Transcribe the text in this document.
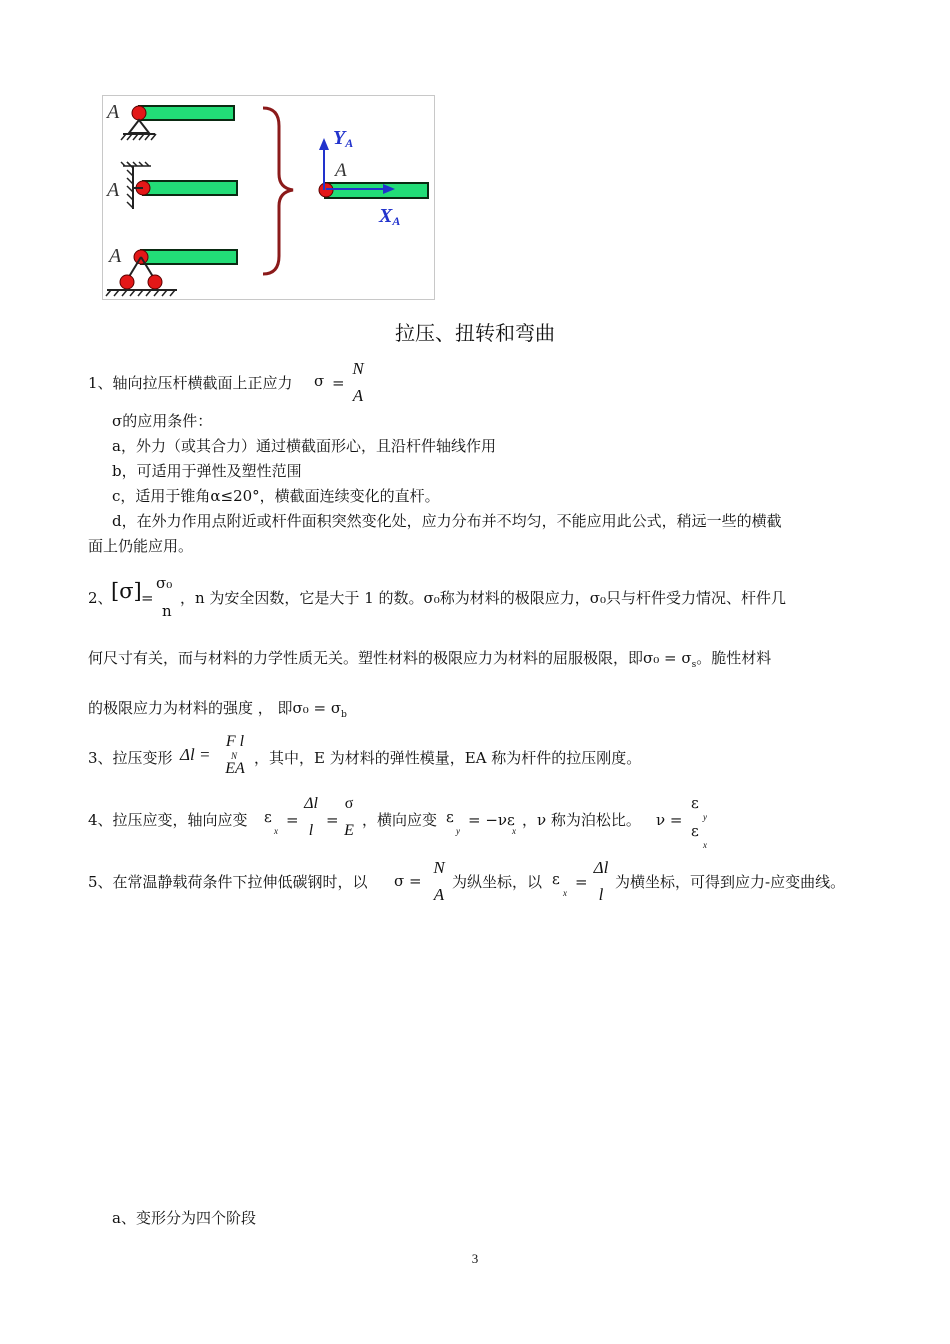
A
A
A
YA
A
XA
拉压、扭转和弯曲
1、轴向拉压杆横截面上正应力 σ =
N
A
σ的应用条件：
a，外力（或其合力）通过横截面形心，且沿杆件轴线作用
b，可适用于弹性及塑性范围
c，适用于锥角α≤20°，横截面连续变化的直杆。
d，在外力作用点附近或杆件面积突然变化处，应力分布并不均匀，不能应用此公式，稍远一些的横截
面上仍能应用。
2、
[σ] =
σ₀
n
，n 为安全因数，它是大于 1 的数。σ₀称为材料的极限应力，σ₀只与杆件受力情况、杆件几
何尺寸有关，而与材料的力学性质无关。塑性材料的极限应力为材料的屈服极限，即$\sigma_0 = \sigma_s$。脆性材料
的极限应力为材料的强度 ， 即$\sigma_0 = \sigma_b$
3、拉压变形 Δl =
F l
N
EA
，其中，E 为材料的弹性模量，EA 称为杆件的拉压刚度。
4、拉压应变，轴向应变 ε
x
=
Δl
l
=
σ
E
，横向应变 ε
y
= −νε
x
，ν 称为泊松比。 ν =
ε
y
ε
x
5、在常温静载荷条件下拉伸低碳钢时，以 σ =
N
A
为纵坐标，以 ε
x
=
Δl
l
为横坐标，可得到应力-应变曲线。
a、变形分为四个阶段
3
